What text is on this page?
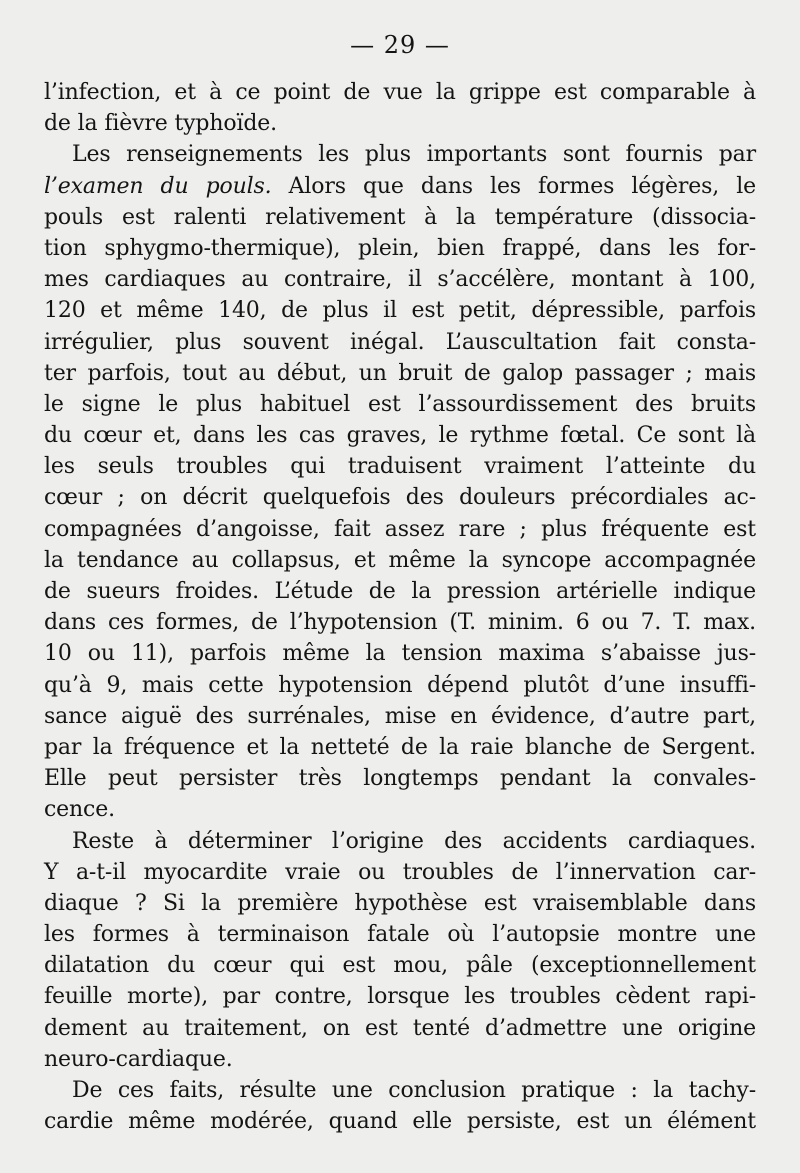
— 29 —
l’infection, et à ce point de vue la grippe est comparable à
de la fièvre typhoïde.
Les renseignements les plus importants sont fournis par
l’examen du pouls. Alors que dans les formes légères, le
pouls est ralenti relativement à la température (dissocia-
tion sphygmo-thermique), plein, bien frappé, dans les for-
mes cardiaques au contraire, il s’accélère, montant à 100,
120 et même 140, de plus il est petit, dépressible, parfois
irrégulier, plus souvent inégal. L’auscultation fait consta-
ter parfois, tout au début, un bruit de galop passager ; mais
le signe le plus habituel est l’assourdissement des bruits
du cœur et, dans les cas graves, le rythme fœtal. Ce sont là
les seuls troubles qui traduisent vraiment l’atteinte du
cœur ; on décrit quelquefois des douleurs précordiales ac-
compagnées d’angoisse, fait assez rare ; plus fréquente est
la tendance au collapsus, et même la syncope accompagnée
de sueurs froides. L’étude de la pression artérielle indique
dans ces formes, de l’hypotension (T. minim. 6 ou 7. T. max.
10 ou 11), parfois même la tension maxima s’abaisse jus-
qu’à 9, mais cette hypotension dépend plutôt d’une insuffi-
sance aiguë des surrénales, mise en évidence, d’autre part,
par la fréquence et la netteté de la raie blanche de Sergent.
Elle peut persister très longtemps pendant la convales-
cence.
Reste à déterminer l’origine des accidents cardiaques.
Y a-t-il myocardite vraie ou troubles de l’innervation car-
diaque ? Si la première hypothèse est vraisemblable dans
les formes à terminaison fatale où l’autopsie montre une
dilatation du cœur qui est mou, pâle (exceptionnellement
feuille morte), par contre, lorsque les troubles cèdent rapi-
dement au traitement, on est tenté d’admettre une origine
neuro-cardiaque.
De ces faits, résulte une conclusion pratique : la tachy-
cardie même modérée, quand elle persiste, est un élément
